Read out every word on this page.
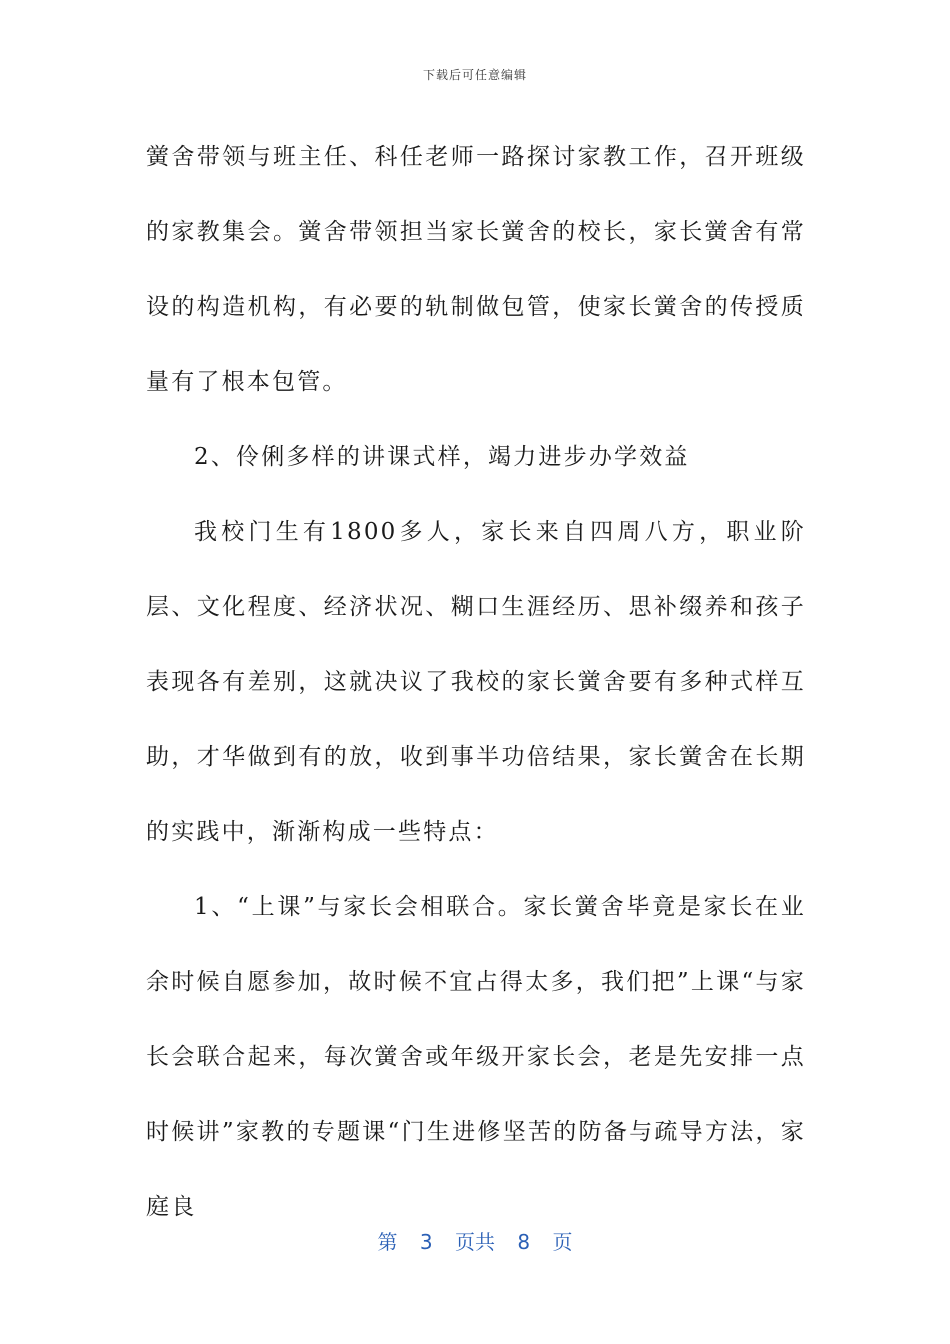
下载后可任意编辑

黉舍带领与班主任、科任老师一路探讨家教工作，召开班级的家教集会。黉舍带领担当家长黉舍的校长，家长黉舍有常设的构造机构，有必要的轨制做包管，使家长黉舍的传授质量有了根本包管。

2、伶俐多样的讲课式样，竭力进步办学效益

我校门生有1800多人，家长来自四周八方，职业阶层、文化程度、经济状况、糊口生涯经历、思补缀养和孩子表现各有差别，这就决议了我校的家长黉舍要有多种式样互助，才华做到有的放，收到事半功倍结果，家长黉舍在长期的实践中，渐渐构成一些特点：

1、“上课”与家长会相联合。家长黉舍毕竟是家长在业余时候自愿参加，故时候不宜占得太多，我们把”上课“与家长会联合起来，每次黉舍或年级开家长会，老是先安排一点时候讲”家教的专题课“门生进修坚苦的防备与疏导方法，家庭良

第 3 页共 8 页
